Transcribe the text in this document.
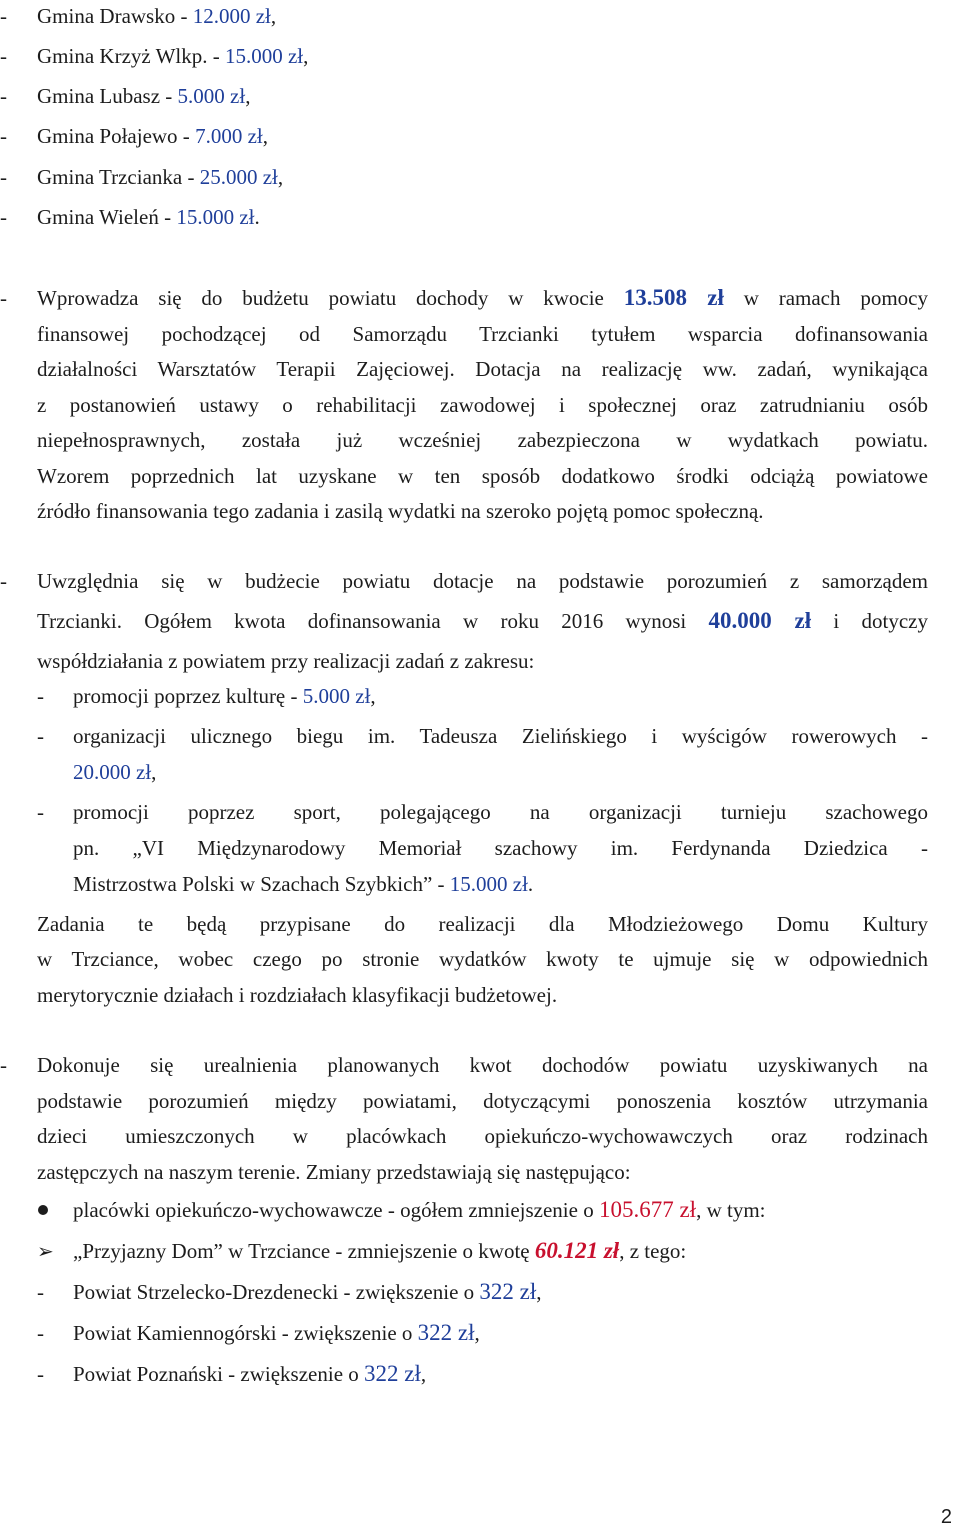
- Gmina Drawsko - 12.000 zł,
- Gmina Krzyż Wlkp. - 15.000 zł,
- Gmina Lubasz - 5.000 zł,
- Gmina Połajewo - 7.000 zł,
- Gmina Trzcianka - 25.000 zł,
- Gmina Wieleń - 15.000 zł.
- Wprowadza się do budżetu powiatu dochody w kwocie 13.508 zł w ramach pomocy
finansowej pochodzącej od Samorządu Trzcianki tytułem wsparcia dofinansowania
działalności Warsztatów Terapii Zajęciowej. Dotacja na realizację ww. zadań, wynikająca
z postanowień ustawy o rehabilitacji zawodowej i społecznej oraz zatrudnianiu osób
niepełnosprawnych, została już wcześniej zabezpieczona w wydatkach powiatu.
Wzorem poprzednich lat uzyskane w ten sposób dodatkowo środki odciążą powiatowe
źródło finansowania tego zadania i zasilą wydatki na szeroko pojętą pomoc społeczną.
- Uwzględnia się w budżecie powiatu dotacje na podstawie porozumień z samorządem
Trzcianki. Ogółem kwota dofinansowania w roku 2016 wynosi 40.000 zł i dotyczy
współdziałania z powiatem przy realizacji zadań z zakresu:
- promocji poprzez kulturę - 5.000 zł,
- organizacji ulicznego biegu im. Tadeusza Zielińskiego i wyścigów rowerowych -
20.000 zł,
- promocji poprzez sport, polegającego na organizacji turnieju szachowego
pn. „VI Międzynarodowy Memoriał szachowy im. Ferdynanda Dziedzica -
Mistrzostwa Polski w Szachach Szybkich” - 15.000 zł.
Zadania te będą przypisane do realizacji dla Młodzieżowego Domu Kultury
w Trzciance, wobec czego po stronie wydatków kwoty te ujmuje się w odpowiednich
merytorycznie działach i rozdziałach klasyfikacji budżetowej.
- Dokonuje się urealnienia planowanych kwot dochodów powiatu uzyskiwanych na
podstawie porozumień między powiatami, dotyczącymi ponoszenia kosztów utrzymania
dzieci umieszczonych w placówkach opiekuńczo-wychowawczych oraz rodzinach
zastępczych na naszym terenie. Zmiany przedstawiają się następująco:
placówki opiekuńczo-wychowawcze - ogółem zmniejszenie o 105.677 zł, w tym:
➢ „Przyjazny Dom” w Trzciance - zmniejszenie o kwotę 60.121 zł, z tego:
- Powiat Strzelecko-Drezdenecki - zwiększenie o 322 zł,
- Powiat Kamiennogórski - zwiększenie o 322 zł,
- Powiat Poznański - zwiększenie o 322 zł,
2
